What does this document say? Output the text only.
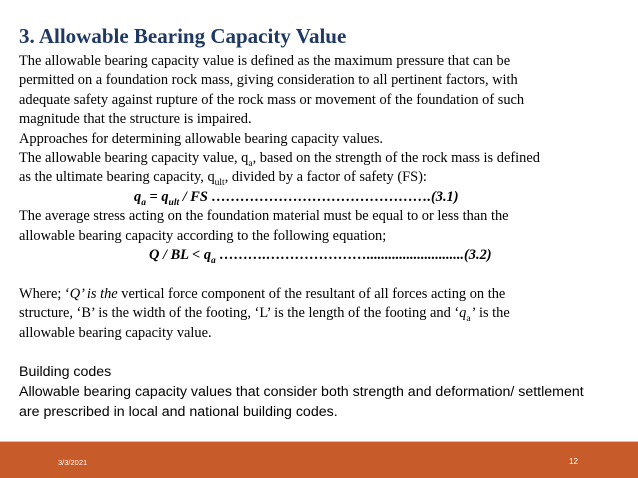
3. Allowable Bearing Capacity Value

The allowable bearing capacity value is defined as the maximum pressure that can be

permitted on a foundation rock mass, giving consideration to all pertinent factors, with

adequate safety against rupture of the rock mass or movement of the foundation of such

magnitude that the structure is impaired.

Approaches for determining allowable bearing capacity values.

The allowable bearing capacity value, $q_a$, based on the strength of the rock mass is defined

as the ultimate bearing capacity, $q_{ult}$, divided by a factor of safety (FS):

$q_a = q_{ult}$ / FS ……………………………………….(3.1)

The average stress acting on the foundation material must be equal to or less than the

allowable bearing capacity according to the following equation;

Q / BL < $q_a$ ……….…………………...........................(3.2)

Where; ‘Q’ is the vertical force component of the resultant of all forces acting on the

structure, ‘B’ is the width of the footing, ‘L’ is the length of the footing and ‘$q_a$’ is the

allowable bearing capacity value.

Building codes

Allowable bearing capacity values that consider both strength and deformation/ settlement

are prescribed in local and national building codes.

3/3/2021	12
